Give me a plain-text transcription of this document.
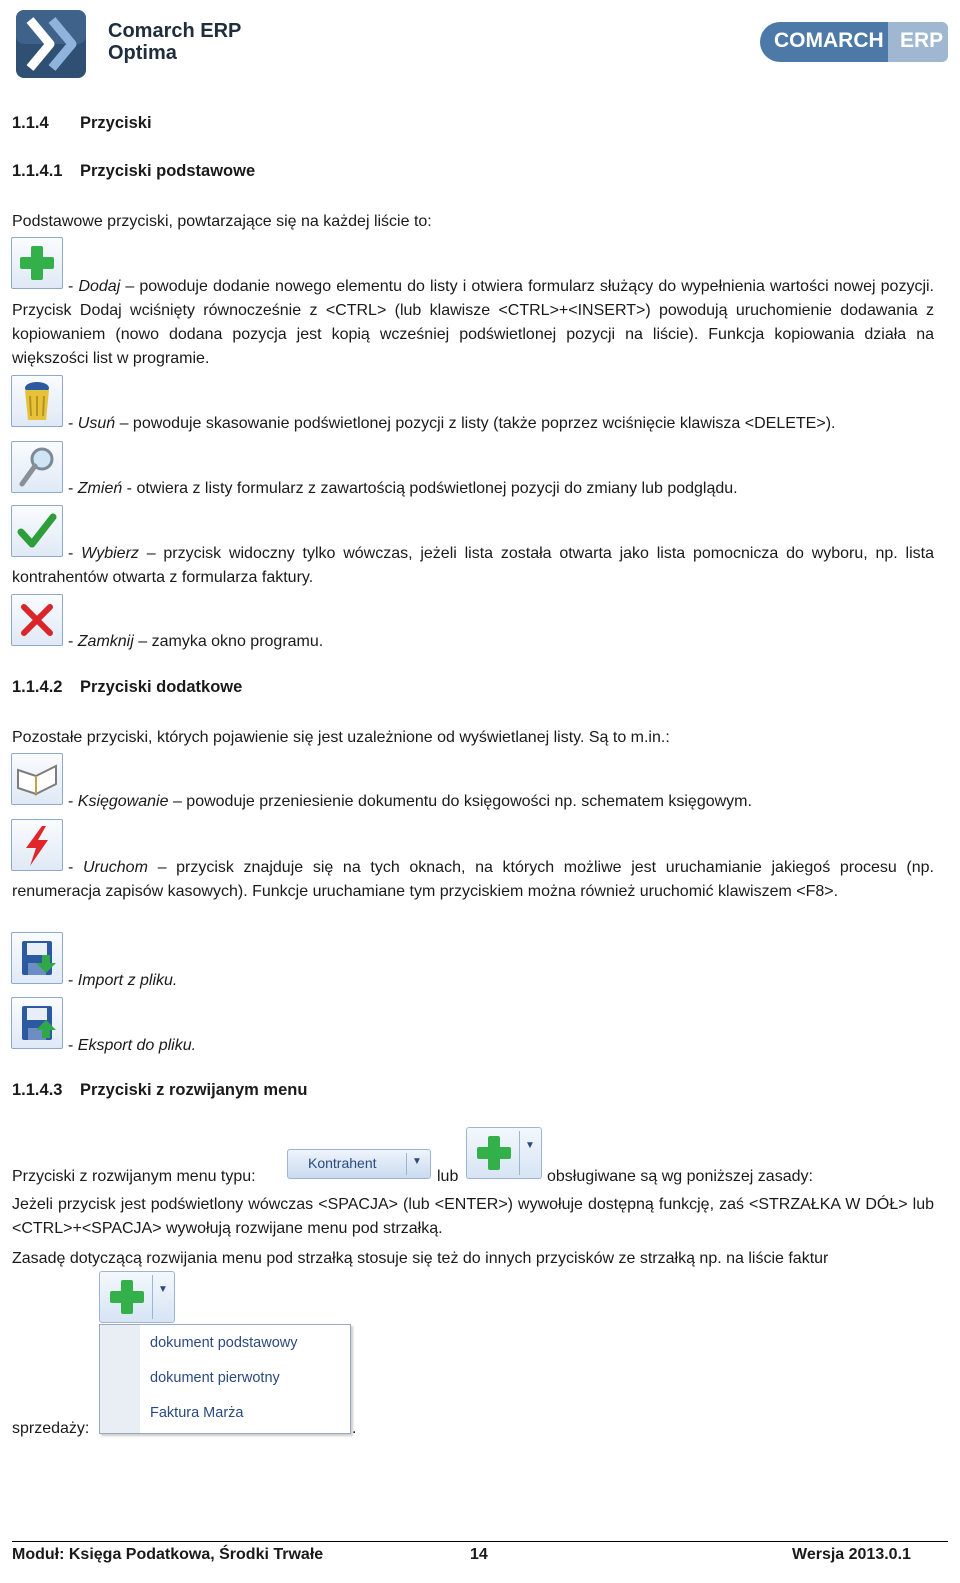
Comarch ERP
Optima
COMARCH ERP
1.1.4 Przyciski
1.1.4.1 Przyciski podstawowe
Podstawowe przyciski, powtarzające się na każdej liście to:
- Dodaj – powoduje dodanie nowego elementu do listy i otwiera formularz służący do wypełnienia wartości nowej pozycji. Przycisk Dodaj wciśnięty równocześnie z <CTRL> (lub klawisze <CTRL>+<INSERT>) powodują uruchomienie dodawania z kopiowaniem (nowo dodana pozycja jest kopią wcześniej podświetlonej pozycji na liście). Funkcja kopiowania działa na większości list w programie.
- Usuń – powoduje skasowanie podświetlonej pozycji z listy (także poprzez wciśnięcie klawisza <DELETE>).
- Zmień - otwiera z listy formularz z zawartością podświetlonej pozycji do zmiany lub podglądu.
- Wybierz – przycisk widoczny tylko wówczas, jeżeli lista została otwarta jako lista pomocnicza do wyboru, np. lista kontrahentów otwarta z formularza faktury.
- Zamknij – zamyka okno programu.
1.1.4.2 Przyciski dodatkowe
Pozostałe przyciski, których pojawienie się jest uzależnione od wyświetlanej listy. Są to m.in.:
- Księgowanie – powoduje przeniesienie dokumentu do księgowości np. schematem księgowym.
- Uruchom – przycisk znajduje się na tych oknach, na których możliwe jest uruchamianie jakiegoś procesu (np. renumeracja zapisów kasowych). Funkcje uruchamiane tym przyciskiem można również uruchomić klawiszem <F8>.
- Import z pliku.
- Eksport do pliku.
1.1.4.3 Przyciski z rozwijanym menu
Przyciski z rozwijanym menu typu:
Kontrahent	▼
lub
▼
obsługiwane są wg poniższej zasady:
Jeżeli przycisk jest podświetlony wówczas <SPACJA> (lub <ENTER>) wywołuje dostępną funkcję, zaś <STRZAŁKA W DÓŁ> lub <CTRL>+<SPACJA> wywołują rozwijane menu pod strzałką.
Zasadę dotyczącą rozwijania menu pod strzałką stosuje się też do innych przycisków ze strzałką np. na liście faktur
▼
dokument podstawowy
dokument pierwotny
Faktura Marża
sprzedaży:	.
Moduł: Księga Podatkowa, Środki Trwałe	14	Wersja 2013.0.1
